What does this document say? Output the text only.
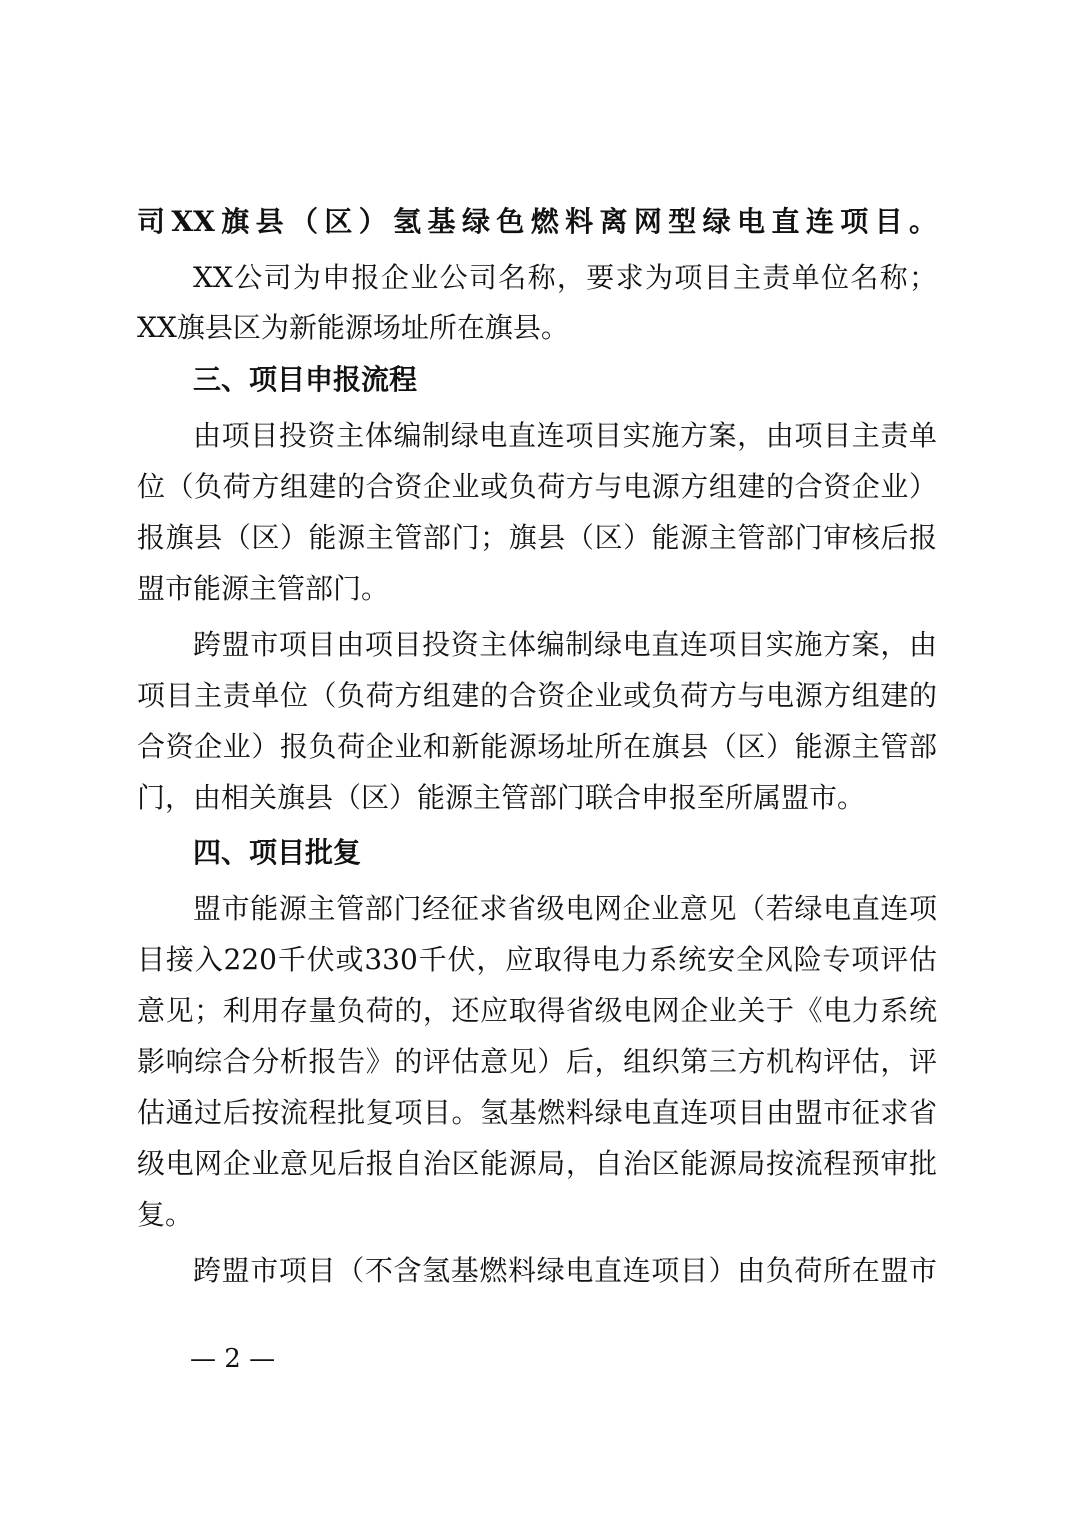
司XX旗县（区）氢基绿色燃料离网型绿电直连项目。

XX公司为申报企业公司名称，要求为项目主责单位名称；

XX旗县区为新能源场址所在旗县。

三、项目申报流程

由项目投资主体编制绿电直连项目实施方案，由项目主责单

位（负荷方组建的合资企业或负荷方与电源方组建的合资企业）

报旗县（区）能源主管部门；旗县（区）能源主管部门审核后报

盟市能源主管部门。

跨盟市项目由项目投资主体编制绿电直连项目实施方案，由

项目主责单位（负荷方组建的合资企业或负荷方与电源方组建的

合资企业）报负荷企业和新能源场址所在旗县（区）能源主管部

门，由相关旗县（区）能源主管部门联合申报至所属盟市。

四、项目批复

盟市能源主管部门经征求省级电网企业意见（若绿电直连项

目接入220千伏或330千伏，应取得电力系统安全风险专项评估

意见；利用存量负荷的，还应取得省级电网企业关于《电力系统

影响综合分析报告》的评估意见）后，组织第三方机构评估，评

估通过后按流程批复项目。氢基燃料绿电直连项目由盟市征求省

级电网企业意见后报自治区能源局，自治区能源局按流程预审批

复。

跨盟市项目（不含氢基燃料绿电直连项目）由负荷所在盟市

— 2 —
